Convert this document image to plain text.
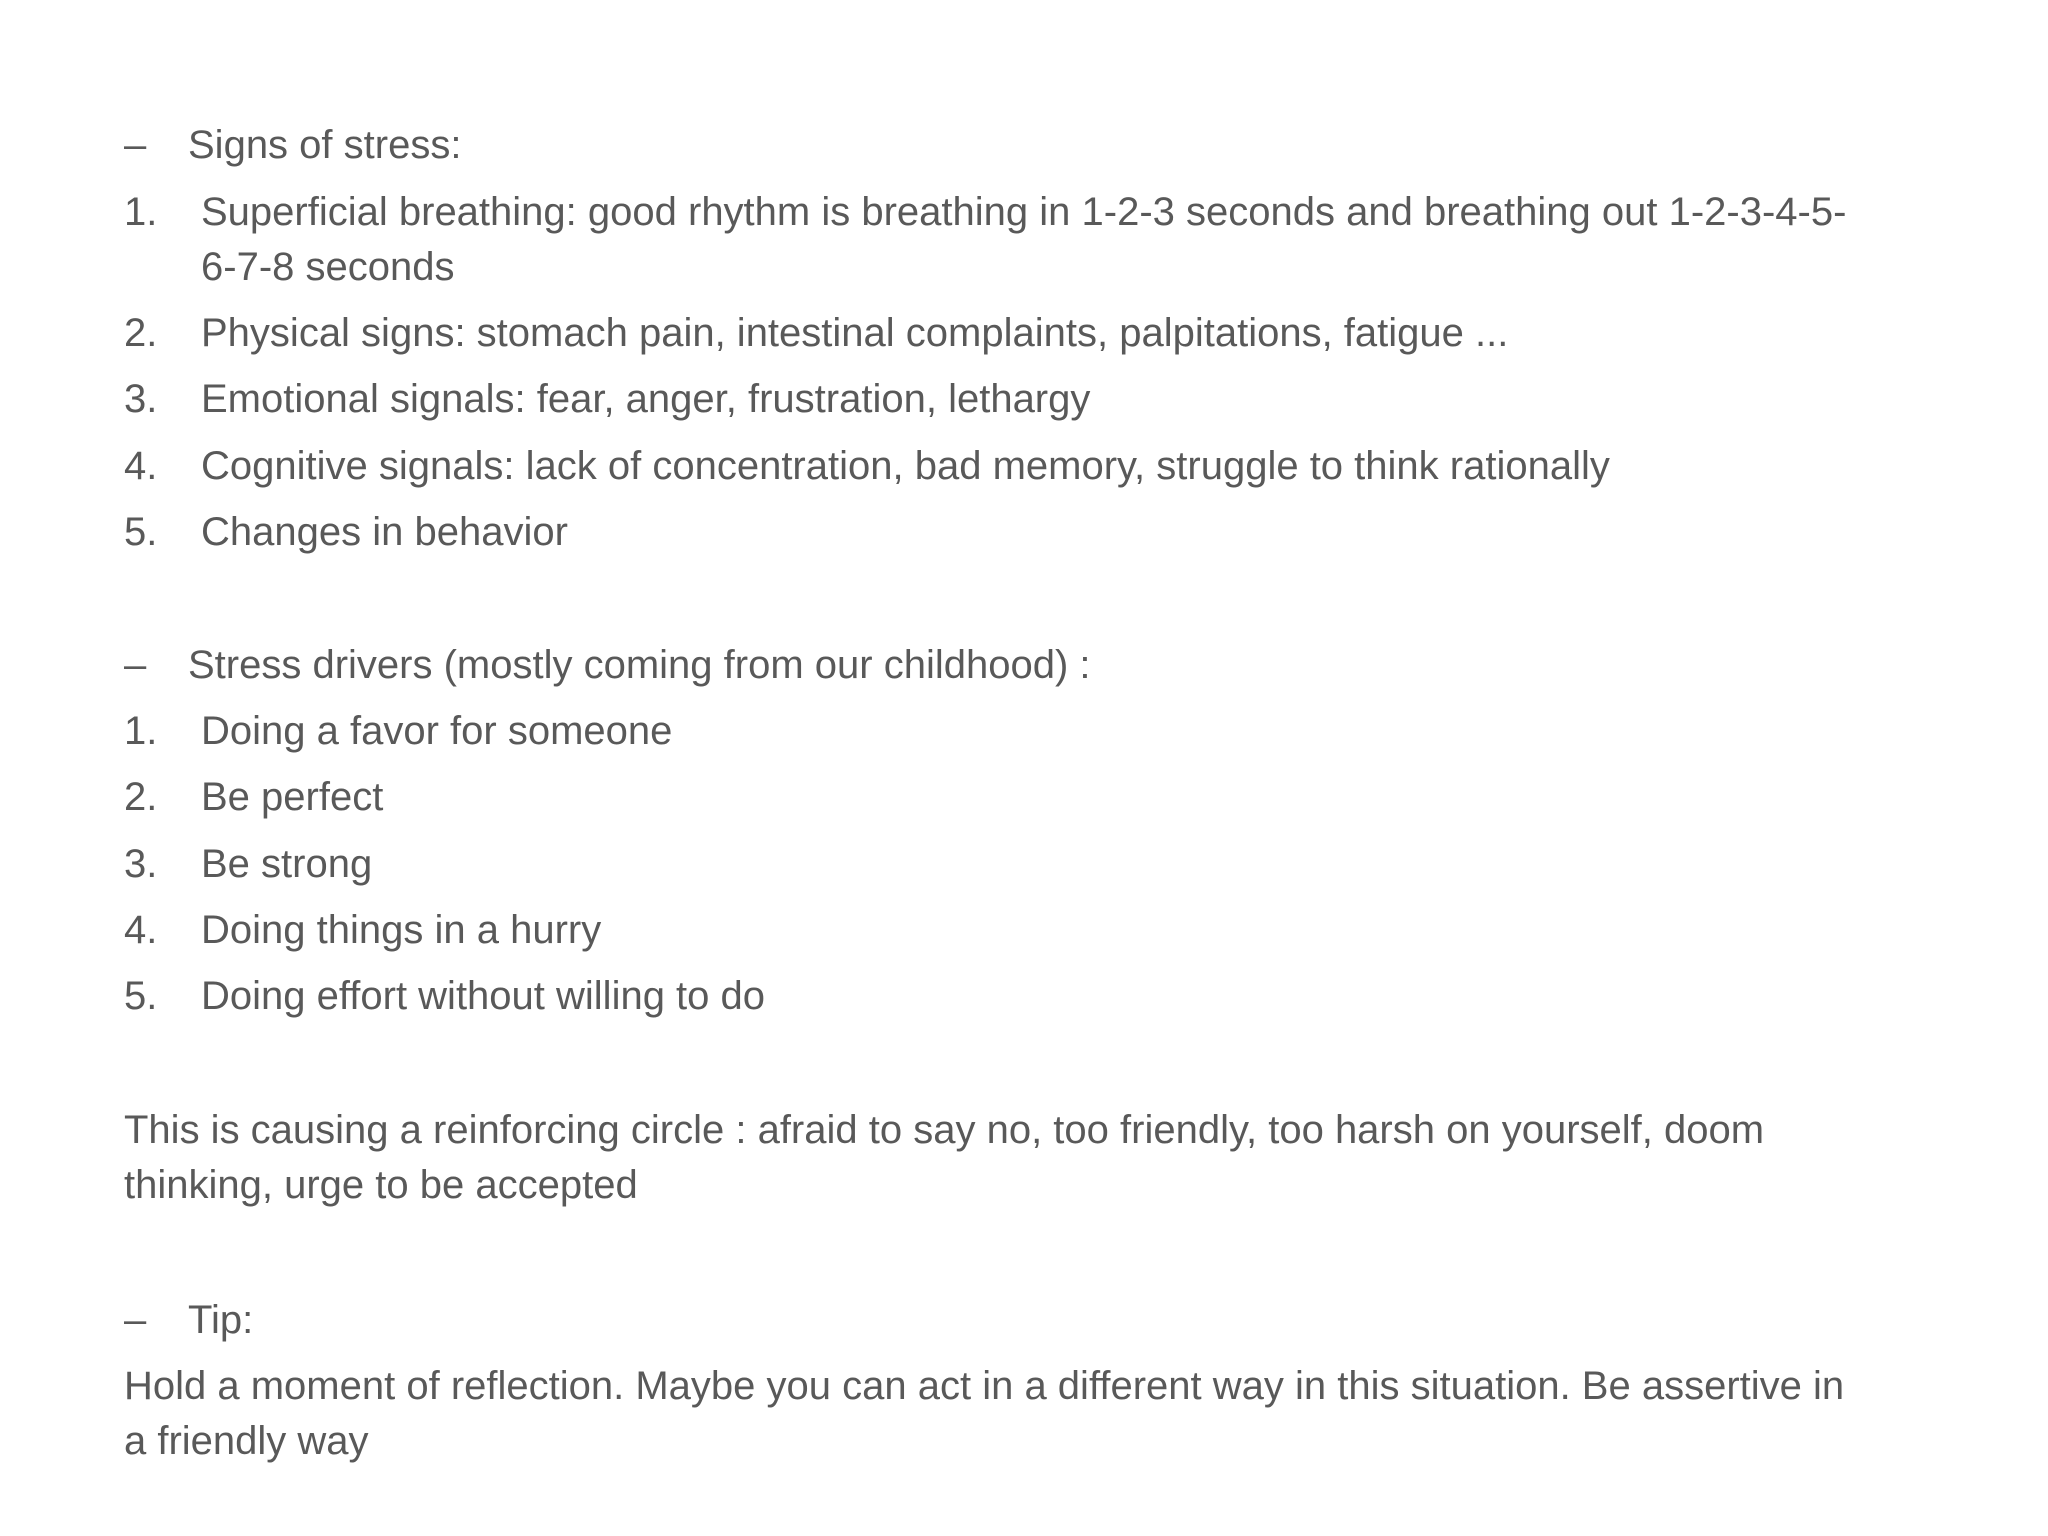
– Signs of stress:
1. Superficial breathing: good rhythm is breathing in 1-2-3 seconds and breathing out 1-2-3-4-5-
6-7-8 seconds
2. Physical signs: stomach pain, intestinal complaints, palpitations, fatigue ...
3. Emotional signals: fear, anger, frustration, lethargy
4. Cognitive signals: lack of concentration, bad memory, struggle to think rationally
5. Changes in behavior
– Stress drivers (mostly coming from our childhood) :
1. Doing a favor for someone
2. Be perfect
3. Be strong
4. Doing things in a hurry
5. Doing effort without willing to do
This is causing a reinforcing circle : afraid to say no, too friendly, too harsh on yourself, doom
thinking, urge to be accepted
– Tip:
Hold a moment of reflection. Maybe you can act in a different way in this situation. Be assertive in
a friendly way
